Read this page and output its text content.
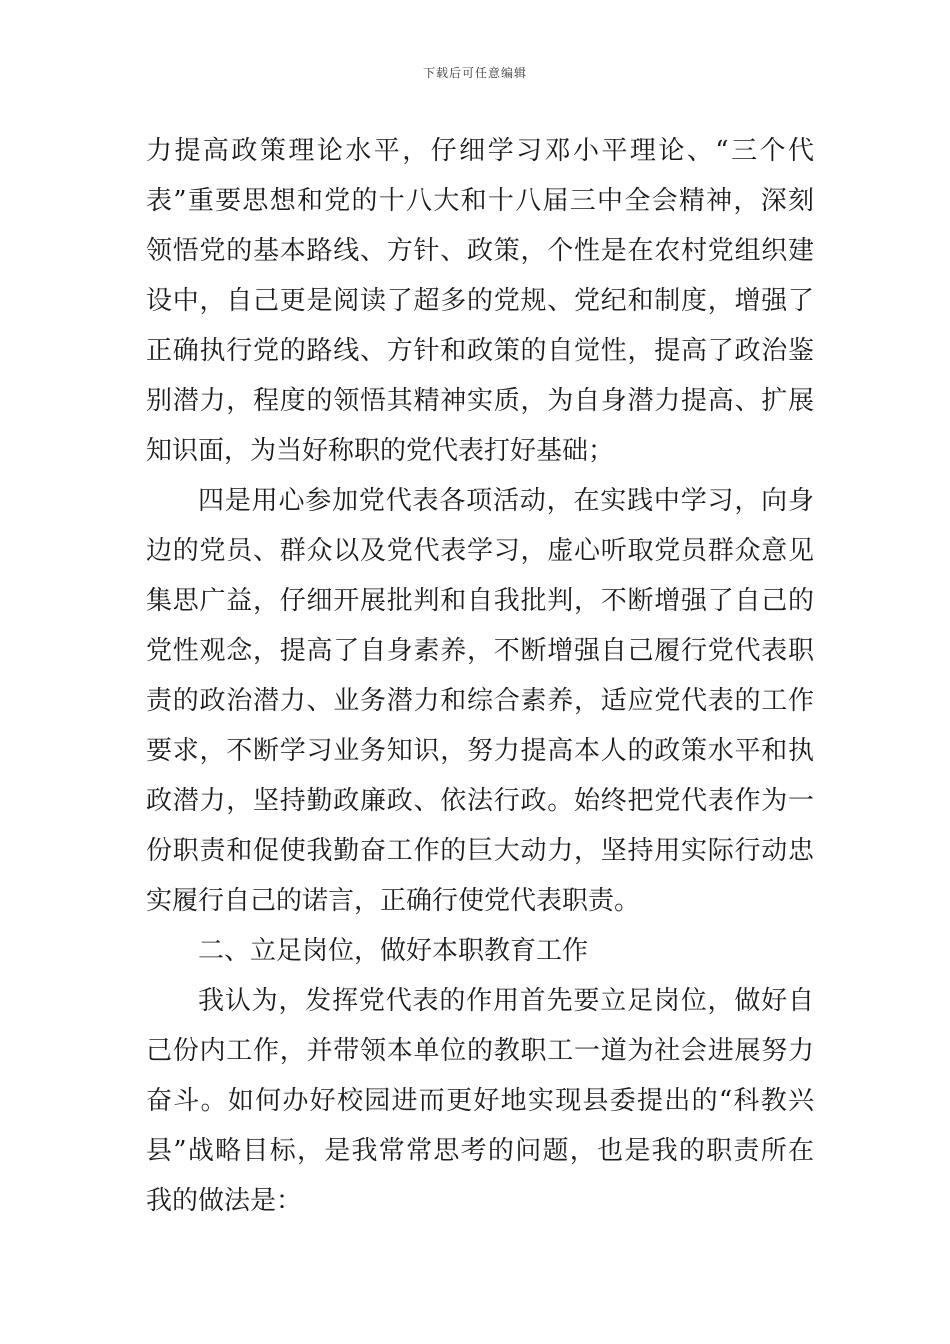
下载后可任意编辑
力提高政策理论水平，仔细学习邓小平理论、“三个代
表”重要思想和党的十八大和十八届三中全会精神，深刻
领悟党的基本路线、方针、政策，个性是在农村党组织建
设中，自己更是阅读了超多的党规、党纪和制度，增强了
正确执行党的路线、方针和政策的自觉性，提高了政治鉴
别潜力，程度的领悟其精神实质，为自身潜力提高、扩展
知识面，为当好称职的党代表打好基础；
四是用心参加党代表各项活动，在实践中学习，向身
边的党员、群众以及党代表学习，虚心听取党员群众意见
集思广益，仔细开展批判和自我批判，不断增强了自己的
党性观念，提高了自身素养，不断增强自己履行党代表职
责的政治潜力、业务潜力和综合素养，适应党代表的工作
要求，不断学习业务知识，努力提高本人的政策水平和执
政潜力，坚持勤政廉政、依法行政。始终把党代表作为一
份职责和促使我勤奋工作的巨大动力，坚持用实际行动忠
实履行自己的诺言，正确行使党代表职责。
二、立足岗位，做好本职教育工作
我认为，发挥党代表的作用首先要立足岗位，做好自
己份内工作，并带领本单位的教职工一道为社会进展努力
奋斗。如何办好校园进而更好地实现县委提出的“科教兴
县”战略目标，是我常常思考的问题，也是我的职责所在
我的做法是：
